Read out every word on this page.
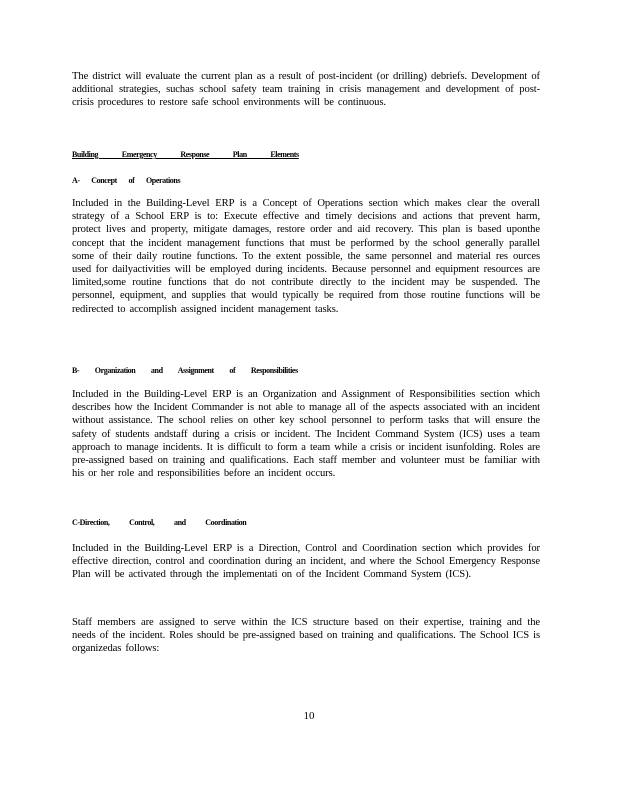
The district will evaluate the current plan as a result of post-incident (or drilling) debriefs. Development of additional strategies, suchas school safety team training in crisis management and development of post-crisis procedures to restore safe school environments will be continuous.

Building Emergency Response Plan Elements
A- Concept of Operations

Included in the Building-Level ERP is a Concept of Operations section which makes clear the overall strategy of a School ERP is to: Execute effective and timely decisions and actions that prevent harm, protect lives and property, mitigate damages, restore order and aid recovery. This plan is based uponthe concept that the incident management functions that must be performed by the school generally parallel some of their daily routine functions. To the extent possible, the same personnel and material res ources used for dailyactivities will be employed during incidents. Because personnel and equipment resources are limited,some routine functions that do not contribute directly to the incident may be suspended. The personnel, equipment, and supplies that would typically be required from those routine functions will be redirected to accomplish assigned incident management tasks.

B- Organization and Assignment of Responsibilities

Included in the Building-Level ERP is an Organization and Assignment of Responsibilities section which describes how the Incident Commander is not able to manage all of the aspects associated with an incident without assistance. The school relies on other key school personnel to perform tasks that will ensure the safety of students andstaff during a crisis or incident. The Incident Command System (ICS) uses a team approach to manage incidents. It is difficult to form a team while a crisis or incident isunfolding. Roles are pre-assigned based on training and qualifications. Each staff member and volunteer must be familiar with his or her role and responsibilities before an incident occurs.

C-Direction, Control, and Coordination

Included in the Building-Level ERP is a Direction, Control and Coordination section which provides for effective direction, control and coordination during an incident, and where the School Emergency Response Plan will be activated through the implementati on of the Incident Command System (ICS).

Staff members are assigned to serve within the ICS structure based on their expertise, training and the needs of the incident. Roles should be pre-assigned based on training and qualifications. The School ICS is organizedas follows:

10
